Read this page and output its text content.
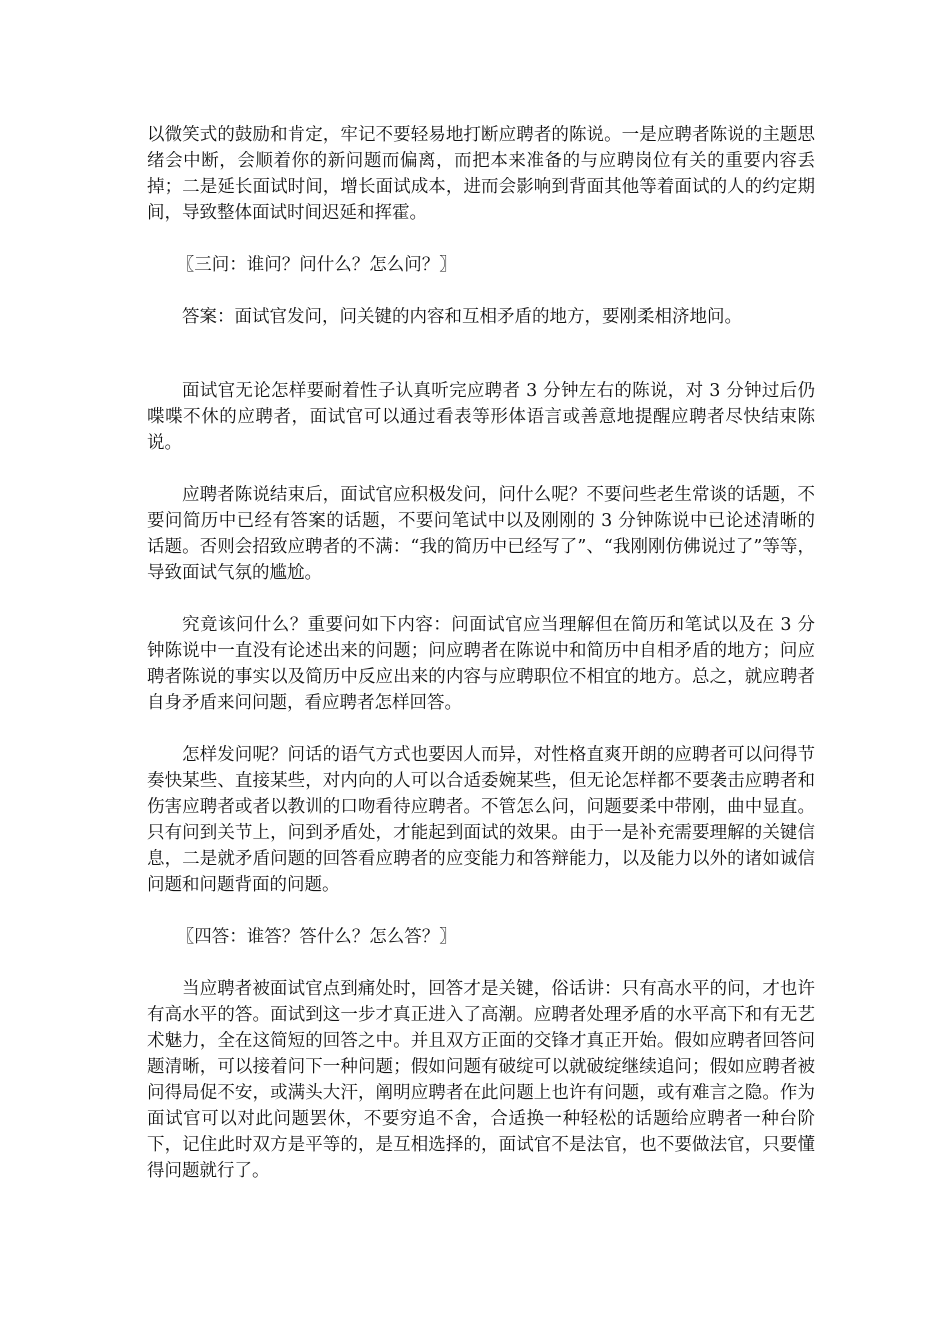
以微笑式的鼓励和肯定，牢记不要轻易地打断应聘者的陈说。一是应聘者陈说的主题思绪会中断，会顺着你的新问题而偏离，而把本来准备的与应聘岗位有关的重要内容丢掉；二是延长面试时间，增长面试成本，进而会影响到背面其他等着面试的人的约定期间，导致整体面试时间迟延和挥霍。

〖三问：谁问？问什么？怎么问？〗

答案：面试官发问，问关键的内容和互相矛盾的地方，要刚柔相济地问。

面试官无论怎样要耐着性子认真听完应聘者 3 分钟左右的陈说，对 3 分钟过后仍喋喋不休的应聘者，面试官可以通过看表等形体语言或善意地提醒应聘者尽快结束陈说。

应聘者陈说结束后，面试官应积极发问，问什么呢？不要问些老生常谈的话题，不要问简历中已经有答案的话题，不要问笔试中以及刚刚的 3 分钟陈说中已论述清晰的话题。否则会招致应聘者的不满：“我的简历中已经写了”、“我刚刚仿佛说过了”等等，导致面试气氛的尴尬。

究竟该问什么？重要问如下内容：问面试官应当理解但在简历和笔试以及在 3 分钟陈说中一直没有论述出来的问题；问应聘者在陈说中和简历中自相矛盾的地方；问应聘者陈说的事实以及简历中反应出来的内容与应聘职位不相宜的地方。总之，就应聘者自身矛盾来问问题，看应聘者怎样回答。

怎样发问呢？问话的语气方式也要因人而异，对性格直爽开朗的应聘者可以问得节奏快某些、直接某些，对内向的人可以合适委婉某些，但无论怎样都不要袭击应聘者和伤害应聘者或者以教训的口吻看待应聘者。不管怎么问，问题要柔中带刚，曲中显直。只有问到关节上，问到矛盾处，才能起到面试的效果。由于一是补充需要理解的关键信息，二是就矛盾问题的回答看应聘者的应变能力和答辩能力，以及能力以外的诸如诚信问题和问题背面的问题。

〖四答：谁答？答什么？怎么答？〗

当应聘者被面试官点到痛处时，回答才是关键，俗话讲：只有高水平的问，才也许有高水平的答。面试到这一步才真正进入了高潮。应聘者处理矛盾的水平高下和有无艺术魅力，全在这简短的回答之中。并且双方正面的交锋才真正开始。假如应聘者回答问题清晰，可以接着问下一种问题；假如问题有破绽可以就破绽继续追问；假如应聘者被问得局促不安，或满头大汗，阐明应聘者在此问题上也许有问题，或有难言之隐。作为面试官可以对此问题罢休，不要穷追不舍，合适换一种轻松的话题给应聘者一种台阶下，记住此时双方是平等的，是互相选择的，面试官不是法官，也不要做法官，只要懂得问题就行了。
